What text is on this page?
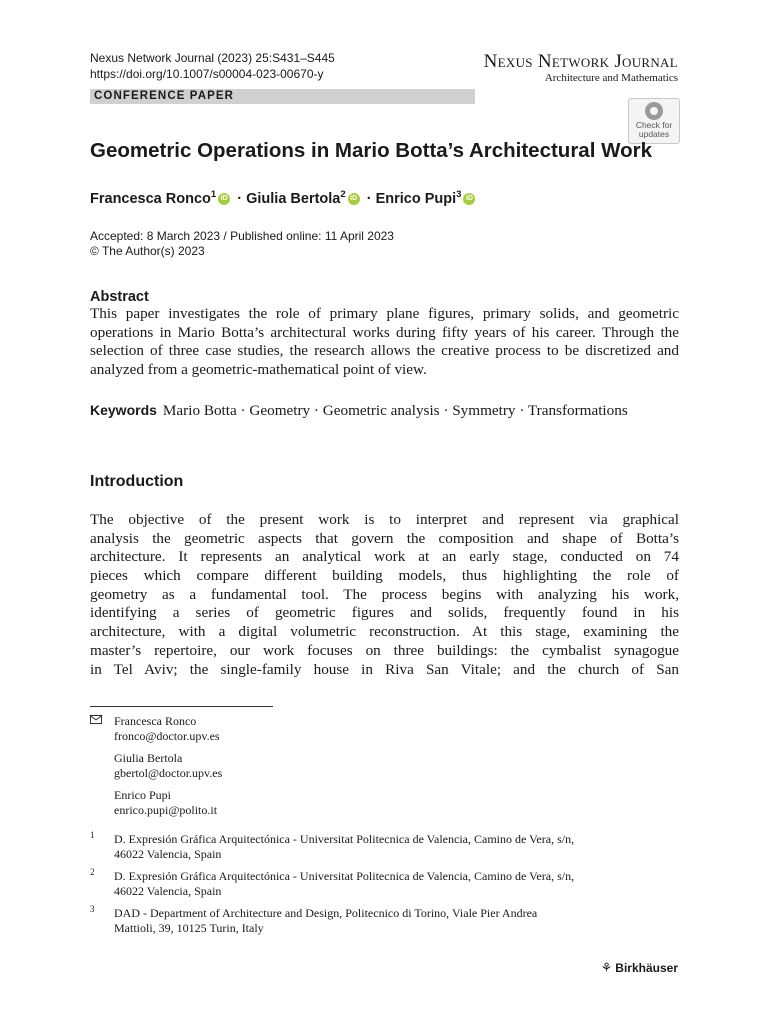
Nexus Network Journal (2023) 25:S431–S445
https://doi.org/10.1007/s00004-023-00670-y
Nexus Network Journal
Architecture and Mathematics
CONFERENCE PAPER
Check for
updates
Geometric Operations in Mario Botta’s Architectural Work
Francesca Ronco$^1$ iD · Giulia Bertola$^2$ iD · Enrico Pupi$^3$ iD
Accepted: 8 March 2023 / Published online: 11 April 2023
© The Author(s) 2023
Abstract
This paper investigates the role of primary plane figures, primary solids, and geometric operations in Mario Botta’s architectural works during fifty years of his career. Through the selection of three case studies, the research allows the creative process to be discretized and analyzed from a geometric-mathematical point of view.
Keywords Mario Botta · Geometry · Geometric analysis · Symmetry · Transformations
Introduction
The objective of the present work is to interpret and represent via graphical
analysis the geometric aspects that govern the composition and shape of Botta’s
architecture. It represents an analytical work at an early stage, conducted on 74
pieces which compare different building models, thus highlighting the role of
geometry as a fundamental tool. The process begins with analyzing his work,
identifying a series of geometric figures and solids, frequently found in his
architecture, with a digital volumetric reconstruction. At this stage, examining the
master’s repertoire, our work focuses on three buildings: the cymbalist synagogue
in Tel Aviv; the single-family house in Riva San Vitale; and the church of San
Francesca Ronco
fronco@doctor.upv.es
Giulia Bertola
gbertol@doctor.upv.es
Enrico Pupi
enrico.pupi@polito.it
1 D. Expresión Gráfica Arquitectónica - Universitat Politecnica de Valencia, Camino de Vera, s/n,
46022 Valencia, Spain
2 D. Expresión Gráfica Arquitectónica - Universitat Politecnica de Valencia, Camino de Vera, s/n,
46022 Valencia, Spain
3 DAD - Department of Architecture and Design, Politecnico di Torino, Viale Pier Andrea
Mattioli, 39, 10125 Turin, Italy
⚘ Birkhäuser
